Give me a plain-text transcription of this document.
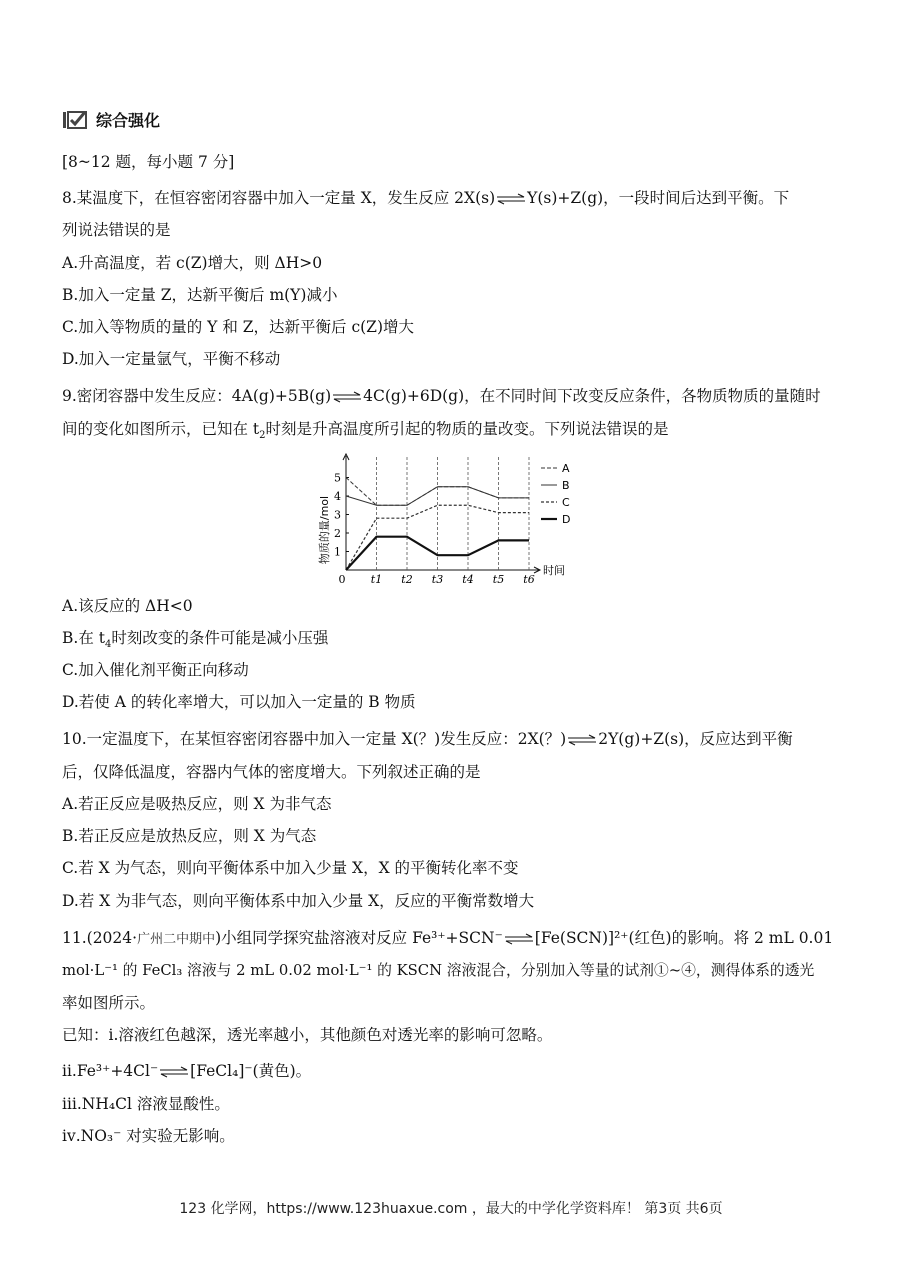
综合强化
[8~12 题，每小题 7 分]
8.某温度下，在恒容密闭容器中加入一定量 X，发生反应 2X(s)⇌Y(s)+Z(g)，一段时间后达到平衡。下
列说法错误的是
A.升高温度，若 c(Z)增大，则 ΔH>0
B.加入一定量 Z，达新平衡后 m(Y)减小
C.加入等物质的量的 Y 和 Z，达新平衡后 c(Z)增大
D.加入一定量氩气，平衡不移动
9.密闭容器中发生反应：4A(g)+5B(g)⇌4C(g)+6D(g)，在不同时间下改变反应条件，各物质物质的量随时
间的变化如图所示，已知在 $t_2$时刻是升高温度所引起的物质的量改变。下列说法错误的是
时间
物质的量/mol 1
2
3
4
5
0 t1 t2 t3 t4 t5 t6
A
B
C
D
A.该反应的 ΔH<0
B.在 $t_4$时刻改变的条件可能是减小压强
C.加入催化剂平衡正向移动
D.若使 A 的转化率增大，可以加入一定量的 B 物质
10.一定温度下，在某恒容密闭容器中加入一定量 X(？)发生反应：2X(？)⇌2Y(g)+Z(s)，反应达到平衡
后，仅降低温度，容器内气体的密度增大。下列叙述正确的是
A.若正反应是吸热反应，则 X 为非气态
B.若正反应是放热反应，则 X 为气态
C.若 X 为气态，则向平衡体系中加入少量 X，X 的平衡转化率不变
D.若 X 为非气态，则向平衡体系中加入少量 X，反应的平衡常数增大
11.(2024·广州二中期中)小组同学探究盐溶液对反应 Fe³⁺+SCN⁻⇌[Fe(SCN)]²⁺(红色)的影响。将 2 mL 0.01
mol·L⁻¹ 的 FeCl₃ 溶液与 2 mL 0.02 mol·L⁻¹ 的 KSCN 溶液混合，分别加入等量的试剂①~④，测得体系的透光
率如图所示。
已知：ⅰ.溶液红色越深，透光率越小，其他颜色对透光率的影响可忽略。
ⅱ.Fe³⁺+4Cl⁻⇌[FeCl₄]⁻(黄色)。
ⅲ.NH₄Cl 溶液显酸性。
ⅳ.NO₃⁻ 对实验无影响。
123 化学网，https://www.123huaxue.com ，最大的中学化学资料库！ 第3页 共6页
